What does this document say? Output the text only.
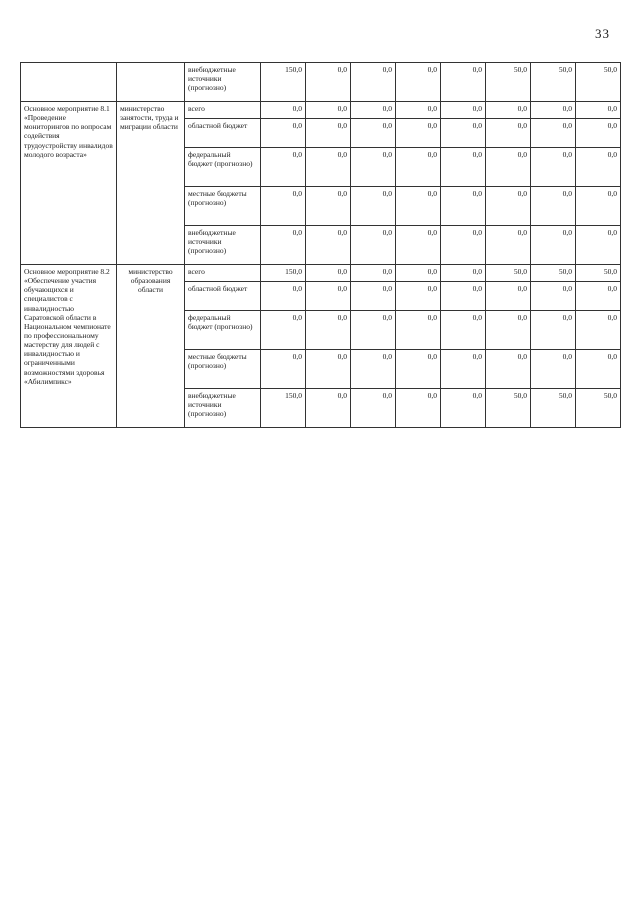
33
		внебюджетные источники (прогнозно)	150,0	0,0	0,0	0,0	0,0	50,0	50,0	50,0
Основное мероприятие 8.1 «Проведение мониторингов по вопросам содействия трудоустройству инвалидов молодого возраста»	министерство занятости, труда и миграции области	всего	0,0	0,0	0,0	0,0	0,0	0,0	0,0	0,0
		областной бюджет	0,0	0,0	0,0	0,0	0,0	0,0	0,0	0,0
		федеральный бюджет (прогнозно)	0,0	0,0	0,0	0,0	0,0	0,0	0,0	0,0
		местные бюджеты (прогнозно)	0,0	0,0	0,0	0,0	0,0	0,0	0,0	0,0
		внебюджетные источники (прогнозно)	0,0	0,0	0,0	0,0	0,0	0,0	0,0	0,0
Основное мероприятие 8.2 «Обеспечение участия обучающихся и специалистов с инвалидностью Саратовской области в Национальном чемпионате по профессиональному мастерству для людей с инвалидностью и ограниченными возможностями здоровья «Абилимпикс»	министерство образования области	всего	150,0	0,0	0,0	0,0	0,0	50,0	50,0	50,0
		областной бюджет	0,0	0,0	0,0	0,0	0,0	0,0	0,0	0,0
		федеральный бюджет (прогнозно)	0,0	0,0	0,0	0,0	0,0	0,0	0,0	0,0
		местные бюджеты (прогнозно)	0,0	0,0	0,0	0,0	0,0	0,0	0,0	0,0
		внебюджетные источники (прогнозно)	150,0	0,0	0,0	0,0	0,0	50,0	50,0	50,0
